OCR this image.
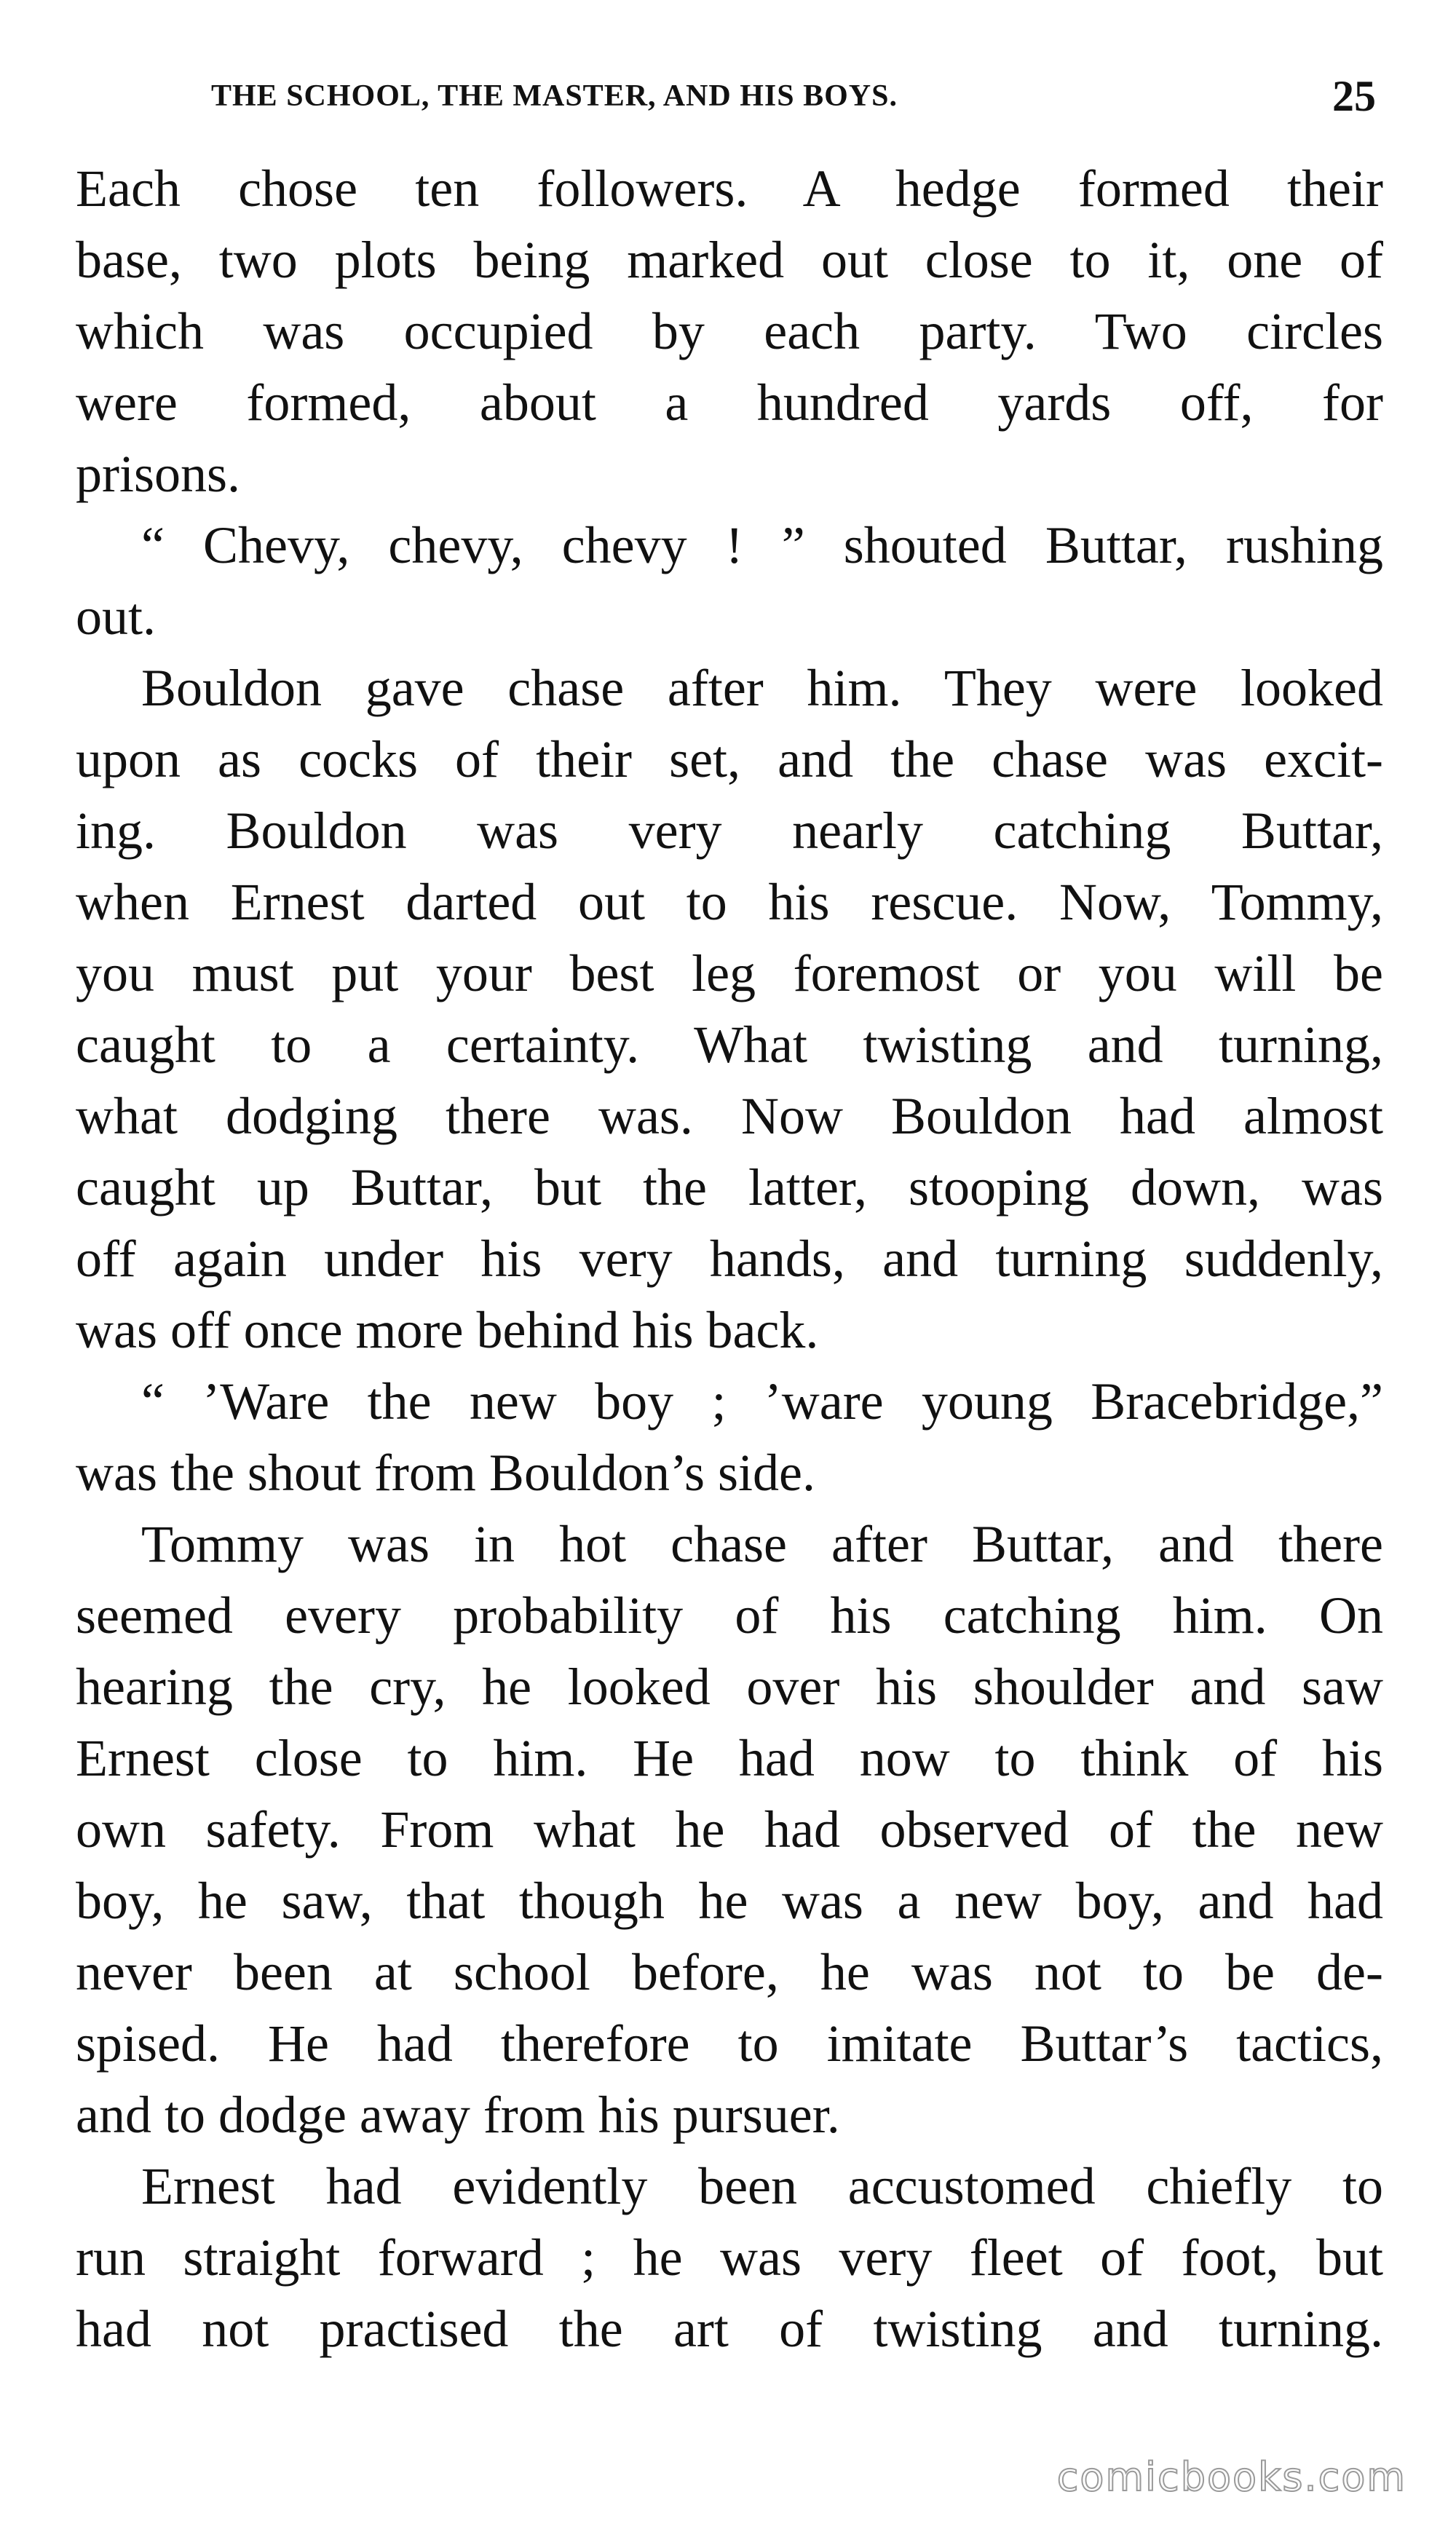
THE SCHOOL, THE MASTER, AND HIS BOYS.	25
Each chose ten followers. A hedge formed their
base, two plots being marked out close to it, one of
which was occupied by each party. Two circles
were formed, about a hundred yards off, for
prisons.
“ Chevy, chevy, chevy ! ” shouted Buttar, rushing
out.
Bouldon gave chase after him. They were looked
upon as cocks of their set, and the chase was excit-
ing. Bouldon was very nearly catching Buttar,
when Ernest darted out to his rescue. Now, Tommy,
you must put your best leg foremost or you will be
caught to a certainty. What twisting and turning,
what dodging there was. Now Bouldon had almost
caught up Buttar, but the latter, stooping down, was
off again under his very hands, and turning suddenly,
was off once more behind his back.
“ ’Ware the new boy ; ’ware young Bracebridge,”
was the shout from Bouldon’s side.
Tommy was in hot chase after Buttar, and there
seemed every probability of his catching him. On
hearing the cry, he looked over his shoulder and saw
Ernest close to him. He had now to think of his
own safety. From what he had observed of the new
boy, he saw, that though he was a new boy, and had
never been at school before, he was not to be de-
spised. He had therefore to imitate Buttar’s tactics,
and to dodge away from his pursuer.
Ernest had evidently been accustomed chiefly to
run straight forward ; he was very fleet of foot, but
had not practised the art of twisting and turning.
comicbooks.com
